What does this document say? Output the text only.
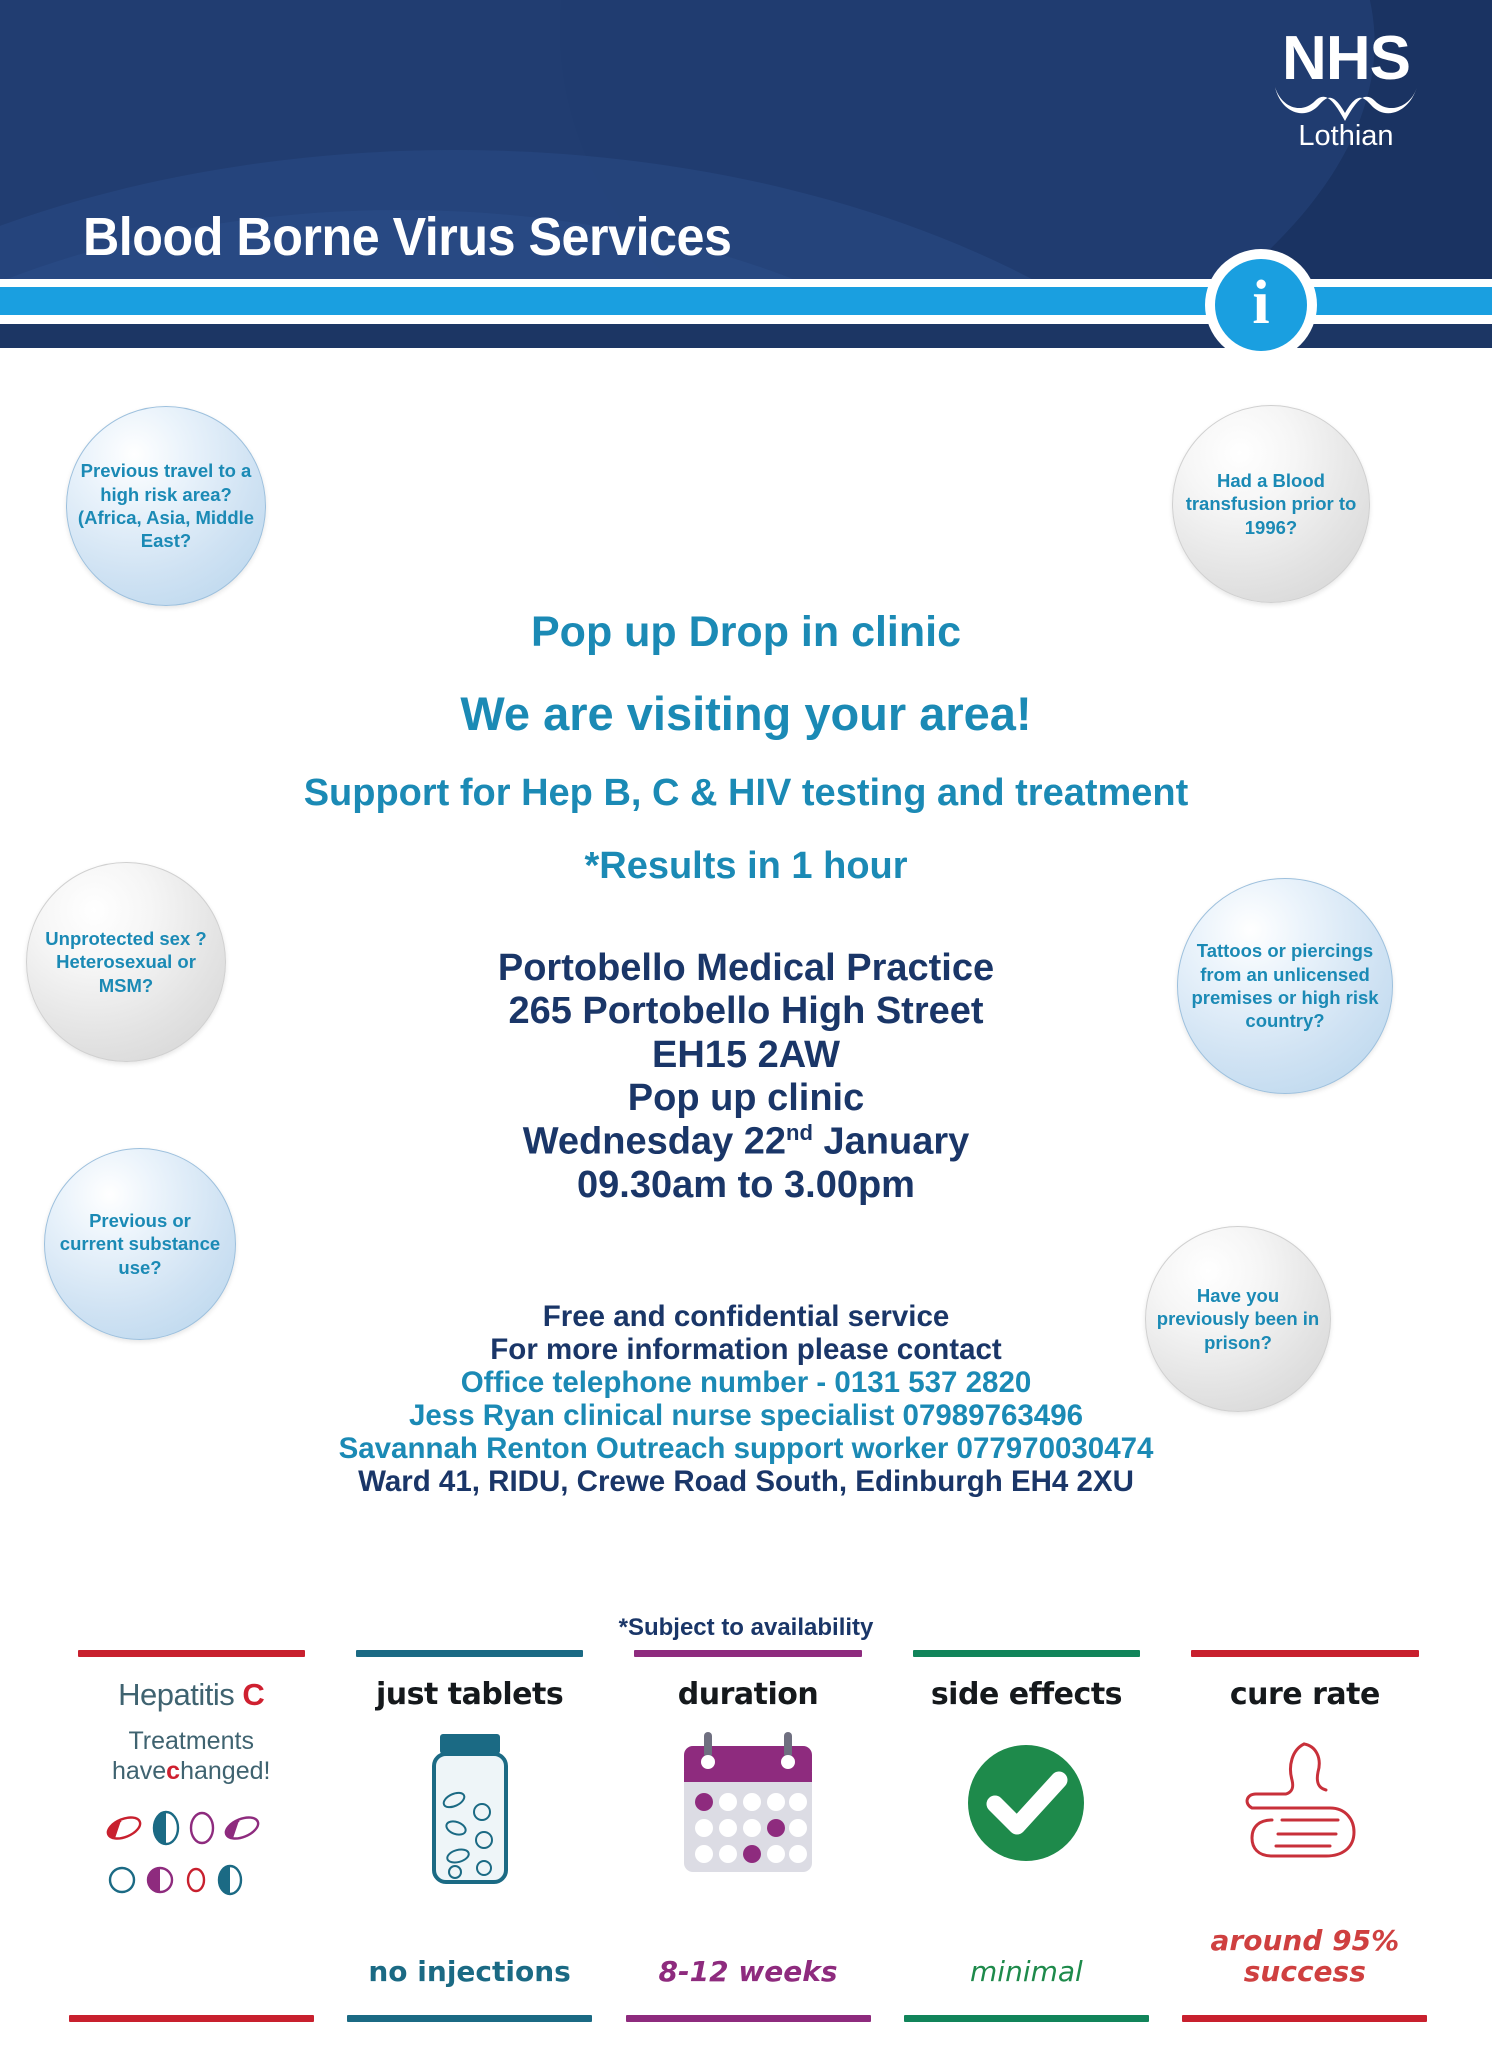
NHS
Lothian
Blood Borne Virus Services
i
Previous travel to a high risk area? (Africa, Asia, Middle East?
Had a Blood transfusion prior to 1996?
Unprotected sex ? Heterosexual or MSM?
Tattoos or piercings from an unlicensed premises or high risk country?
Previous or current substance use?
Have you previously been in prison?
Pop up Drop in clinic
We are visiting your area!
Support for Hep B, C & HIV testing and treatment
*Results in 1 hour
Portobello Medical Practice
265 Portobello High Street
EH15 2AW
Pop up clinic
Wednesday 22nd January
09.30am to 3.00pm
Free and confidential service
For more information please contact
Office telephone number - 0131 537 2820
Jess Ryan clinical nurse specialist 07989763496
Savannah Renton Outreach support worker 077970030474
Ward 41, RIDU, Crewe Road South, Edinburgh EH4 2XU
*Subject to availability
Hepatitis C
Treatments
havechanged!
just tablets
no injections
duration
8-12 weeks
side effects
minimal
cure rate
around 95% success
